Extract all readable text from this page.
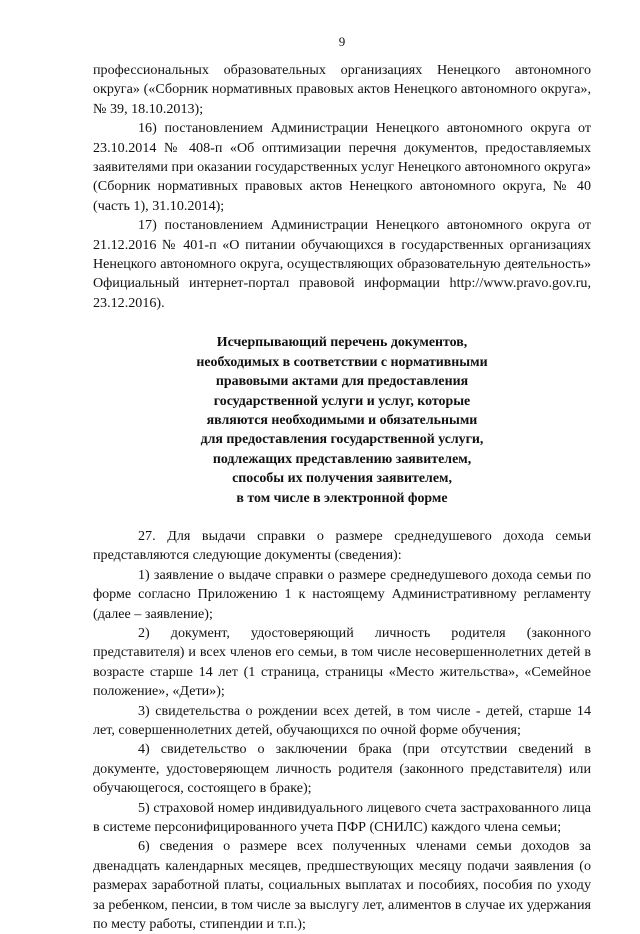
9

профессиональных образовательных организациях Ненецкого автономного округа» («Сборник нормативных правовых актов Ненецкого автономного округа», № 39, 18.10.2013);

16) постановлением Администрации Ненецкого автономного округа от 23.10.2014 № 408-п «Об оптимизации перечня документов, предоставляемых заявителями при оказании государственных услуг Ненецкого автономного округа» (Сборник нормативных правовых актов Ненецкого автономного округа, № 40 (часть 1), 31.10.2014);

17) постановлением Администрации Ненецкого автономного округа от 21.12.2016 № 401-п «О питании обучающихся в государственных организациях Ненецкого автономного округа, осуществляющих образовательную деятельность» Официальный интернет-портал правовой информации http://www.pravo.gov.ru, 23.12.2016).

Исчерпывающий перечень документов,
необходимых в соответствии с нормативными
правовыми актами для предоставления
государственной услуги и услуг, которые
являются необходимыми и обязательными
для предоставления государственной услуги,
подлежащих представлению заявителем,
способы их получения заявителем,
в том числе в электронной форме

27. Для выдачи справки о размере среднедушевого дохода семьи представляются следующие документы (сведения):

1) заявление о выдаче справки о размере среднедушевого дохода семьи по форме согласно Приложению 1 к настоящему Административному регламенту (далее – заявление);

2) документ, удостоверяющий личность родителя (законного представителя) и всех членов его семьи, в том числе несовершеннолетних детей в возрасте старше 14 лет (1 страница, страницы «Место жительства», «Семейное положение», «Дети»);

3) свидетельства о рождении всех детей, в том числе - детей, старше 14 лет, совершеннолетних детей, обучающихся по очной форме обучения;

4) свидетельство о заключении брака (при отсутствии сведений в документе, удостоверяющем личность родителя (законного представителя) или обучающегося, состоящего в браке);

5) страховой номер индивидуального лицевого счета застрахованного лица в системе персонифицированного учета ПФР (СНИЛС) каждого члена семьи;

6) сведения о размере всех полученных членами семьи доходов за двенадцать календарных месяцев, предшествующих месяцу подачи заявления (о размерах заработной платы, социальных выплатах и пособиях, пособия по уходу за ребенком, пенсии, в том числе за выслугу лет, алиментов в случае их удержания по месту работы, стипендии и т.п.);
